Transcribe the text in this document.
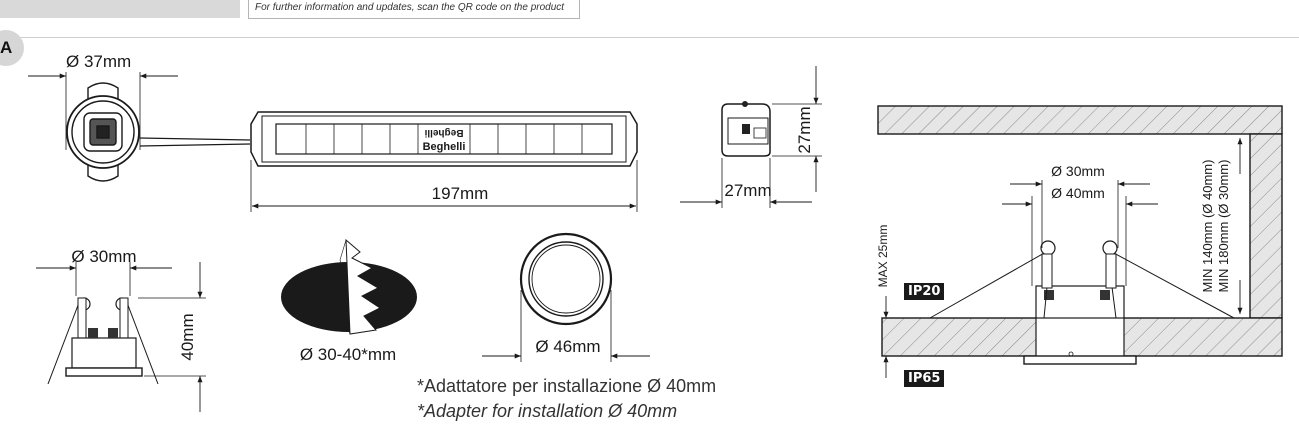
For further information and updates, scan the QR code on the product
A
Beghelli
Beghelli
197mm	27mm
27mm
Ø 30mm
40mm	Ø 30-40*mm	Ø 46mm
Ø 30mm
Ø 40mm
MAX 25mm	MIN 140mm (Ø 40mm) MIN 180mm (Ø 30mm)
Ø 37mm
IP20
IP65
*Adattatore per installazione Ø 40mm
*Adapter for installation Ø 40mm
